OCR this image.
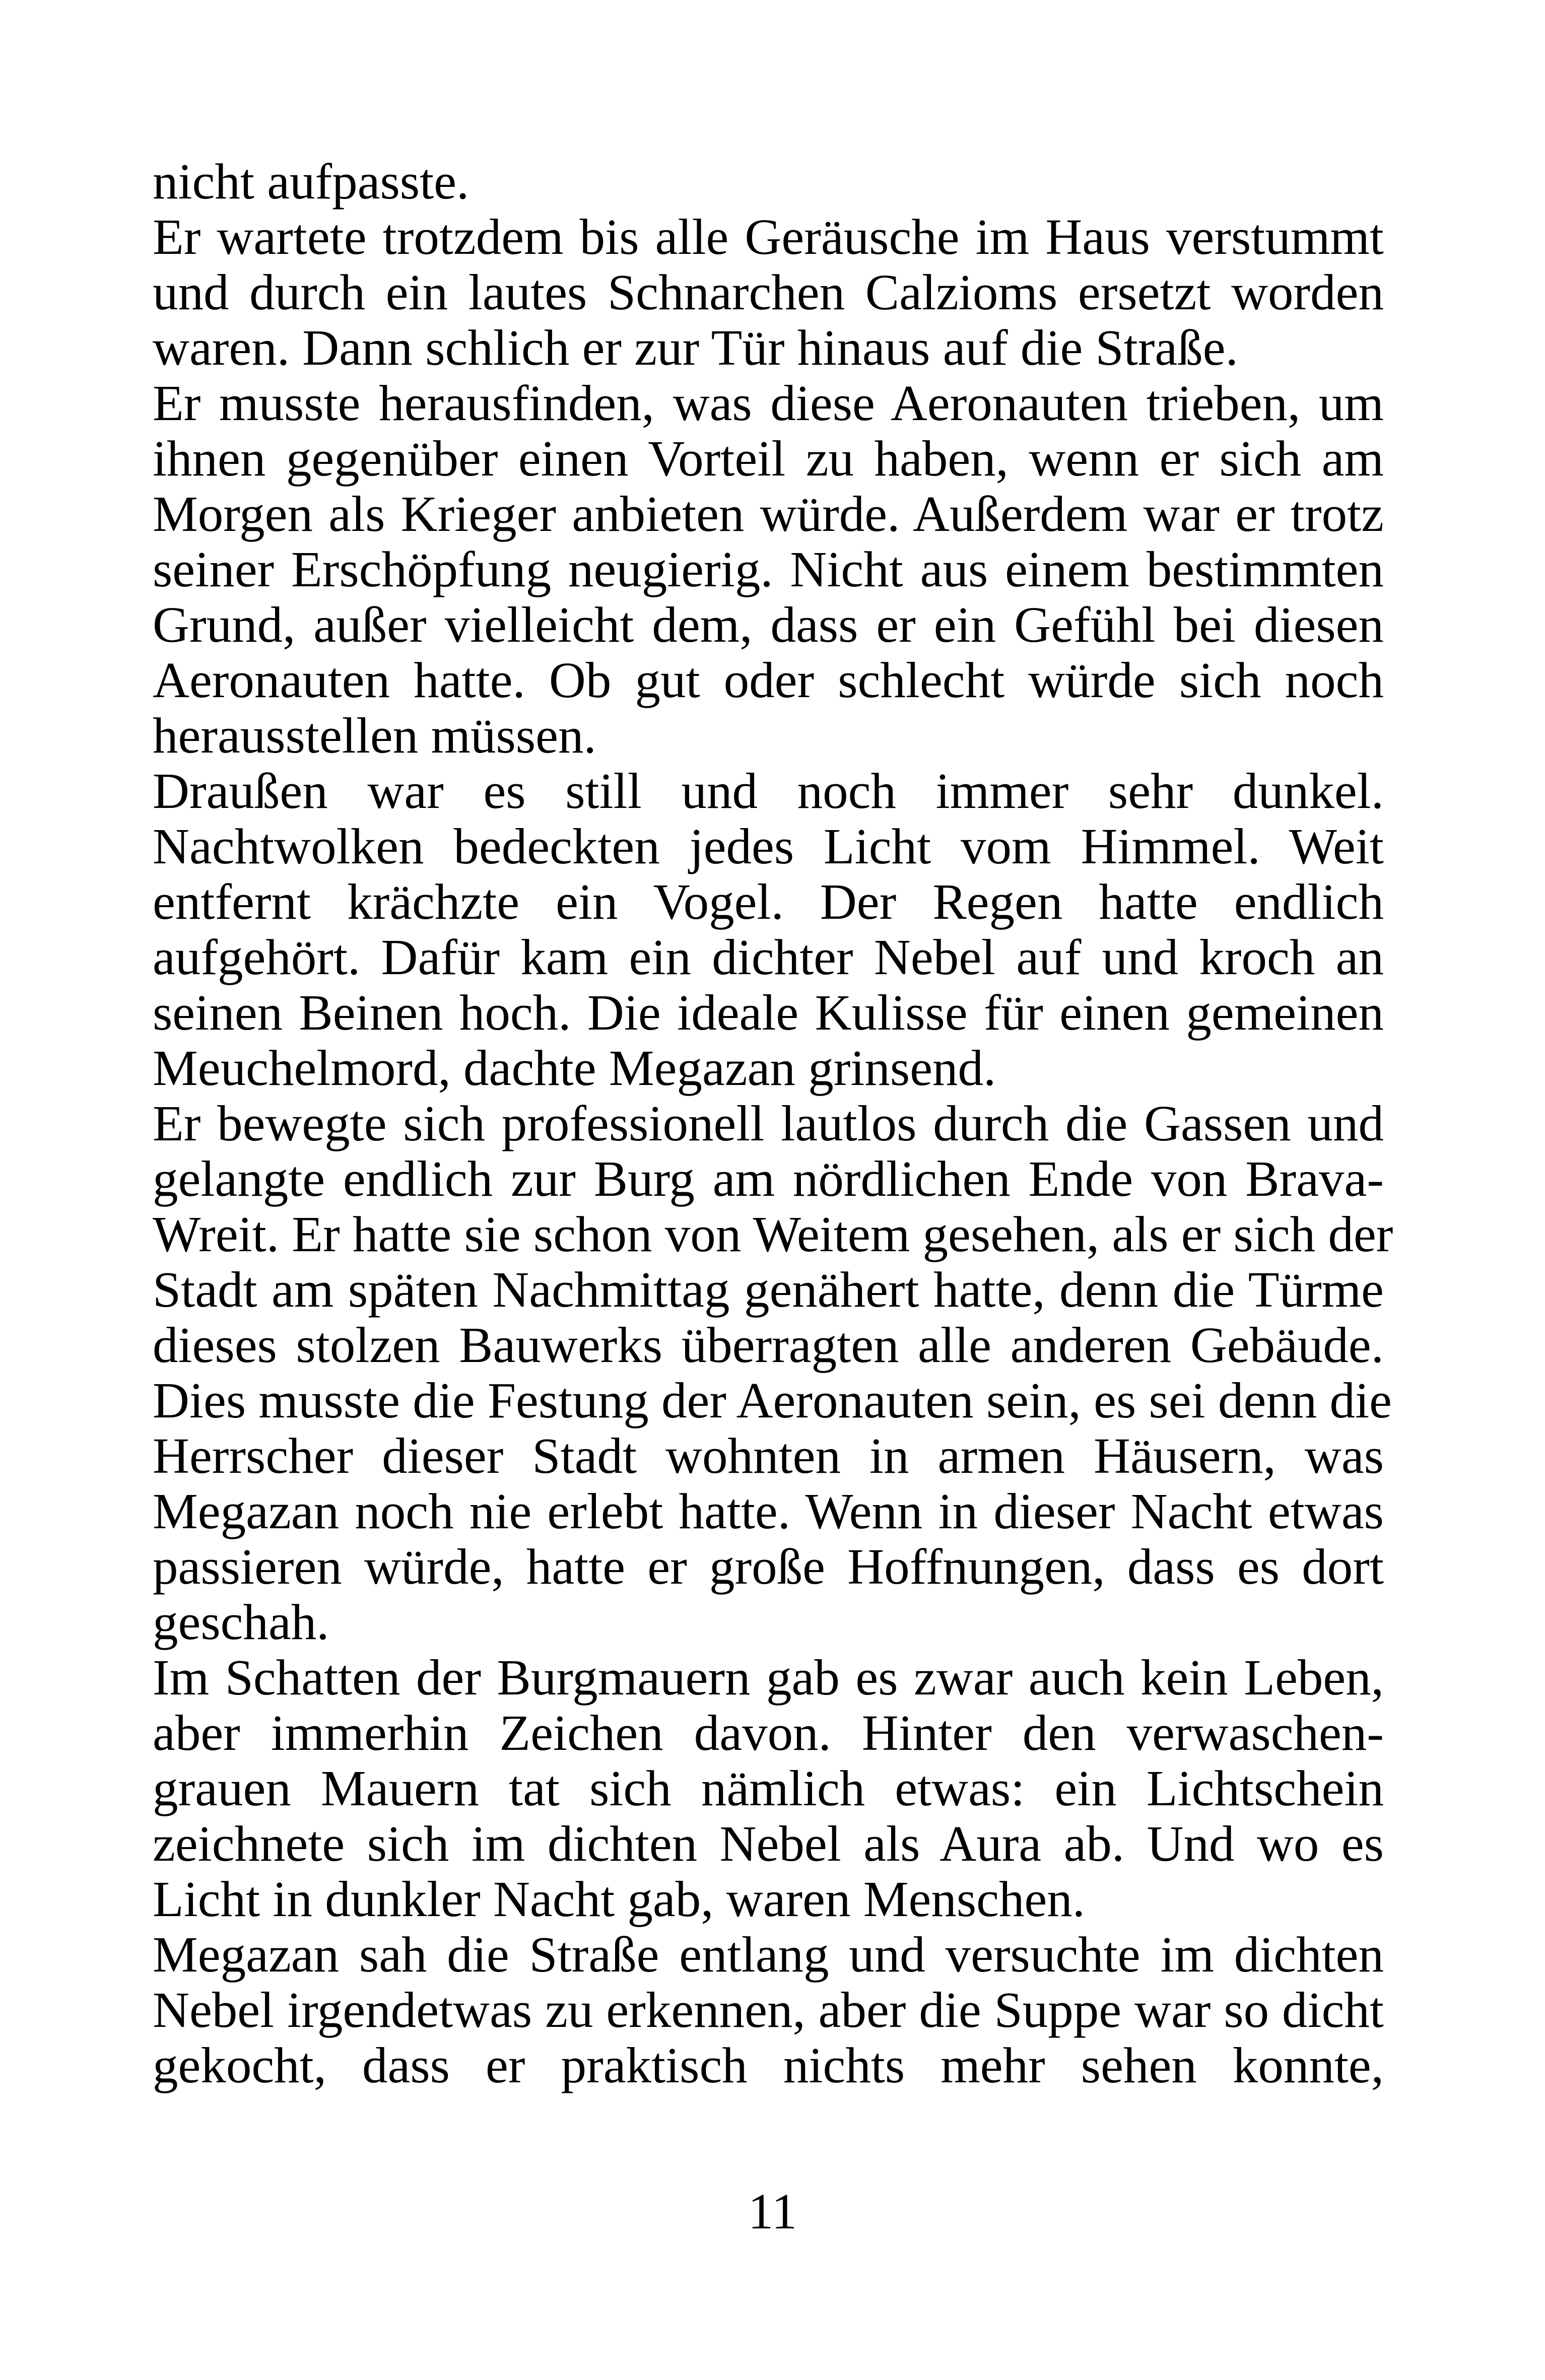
nicht aufpasste.
Er wartete trotzdem bis alle Geräusche im Haus verstummt
und durch ein lautes Schnarchen Calzioms ersetzt worden
waren. Dann schlich er zur Tür hinaus auf die Straße.
Er musste herausfinden, was diese Aeronauten trieben, um
ihnen gegenüber einen Vorteil zu haben, wenn er sich am
Morgen als Krieger anbieten würde. Außerdem war er trotz
seiner Erschöpfung neugierig. Nicht aus einem bestimmten
Grund, außer vielleicht dem, dass er ein Gefühl bei diesen
Aeronauten hatte. Ob gut oder schlecht würde sich noch
herausstellen müssen.
Draußen war es still und noch immer sehr dunkel.
Nachtwolken bedeckten jedes Licht vom Himmel. Weit
entfernt krächzte ein Vogel. Der Regen hatte endlich
aufgehört. Dafür kam ein dichter Nebel auf und kroch an
seinen Beinen hoch. Die ideale Kulisse für einen gemeinen
Meuchelmord, dachte Megazan grinsend.
Er bewegte sich professionell lautlos durch die Gassen und
gelangte endlich zur Burg am nördlichen Ende von Brava-
Wreit. Er hatte sie schon von Weitem gesehen, als er sich der
Stadt am späten Nachmittag genähert hatte, denn die Türme
dieses stolzen Bauwerks überragten alle anderen Gebäude.
Dies musste die Festung der Aeronauten sein, es sei denn die
Herrscher dieser Stadt wohnten in armen Häusern, was
Megazan noch nie erlebt hatte. Wenn in dieser Nacht etwas
passieren würde, hatte er große Hoffnungen, dass es dort
geschah.
Im Schatten der Burgmauern gab es zwar auch kein Leben,
aber immerhin Zeichen davon. Hinter den verwaschen-
grauen Mauern tat sich nämlich etwas: ein Lichtschein
zeichnete sich im dichten Nebel als Aura ab. Und wo es
Licht in dunkler Nacht gab, waren Menschen.
Megazan sah die Straße entlang und versuchte im dichten
Nebel irgendetwas zu erkennen, aber die Suppe war so dicht
gekocht, dass er praktisch nichts mehr sehen konnte,
11
